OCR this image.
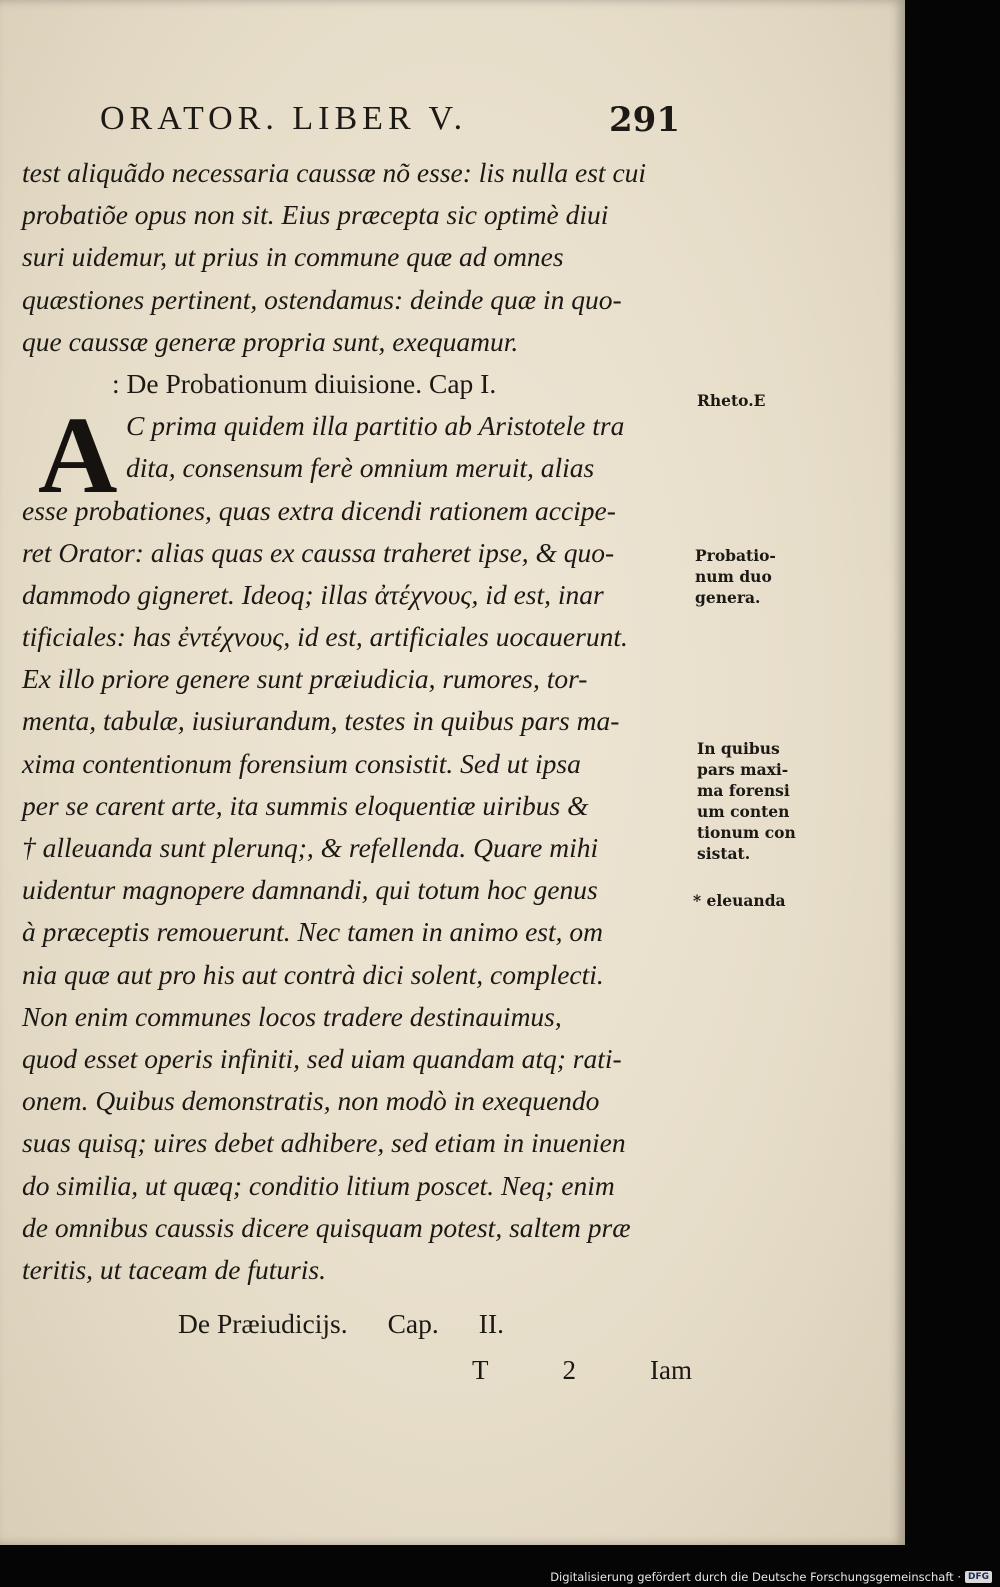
ORATOR. LIBER V.	291
test aliquãdo necessaria caussæ nõ esse: lis nulla est cui
probatiõe opus non sit. Eius præcepta sic optimè diui
suri uidemur, ut prius in commune quæ ad omnes
quæstiones pertinent, ostendamus: deinde quæ in quo-
que caussæ generæ propria sunt, exequamur.
: De Probationum diuisione. Cap I.
C prima quidem illa partitio ab Aristotele tra
dita, consensum ferè omnium meruit, alias
esse probationes, quas extra dicendi rationem accipe-
ret Orator: alias quas ex caussa traheret ipse, & quo-
dammodo gigneret. Ideoq; illas ἀτέχνους, id est, inar
tificiales: has ἐντέχνους, id est, artificiales uocauerunt.
Ex illo priore genere sunt præiudicia, rumores, tor-
menta, tabulæ, iusiurandum, testes in quibus pars ma-
xima contentionum forensium consistit. Sed ut ipsa
per se carent arte, ita summis eloquentiæ uiribus &
† alleuanda sunt plerunq;, & refellenda. Quare mihi
uidentur magnopere damnandi, qui totum hoc genus
à præceptis remouerunt. Nec tamen in animo est, om
nia quæ aut pro his aut contrà dici solent, complecti.
Non enim communes locos tradere destinauimus,
quod esset operis infiniti, sed uiam quandam atq; rati-
onem. Quibus demonstratis, non modò in exequendo
suas quisq; uires debet adhibere, sed etiam in inuenien
do similia, ut quæq; conditio litium poscet. Neq; enim
de omnibus caussis dicere quisquam potest, saltem præ
teritis, ut taceam de futuris.
A
De Præiudicijs. Cap. II.
T	2	Iam
Rheto.E
Probatio-
num duo
genera.
In quibus
pars maxi-
ma forensi
um conten
tionum con
sistat.
* eleuanda
Digitalisierung gefördert durch die Deutsche Forschungsgemeinschaft · DFG
